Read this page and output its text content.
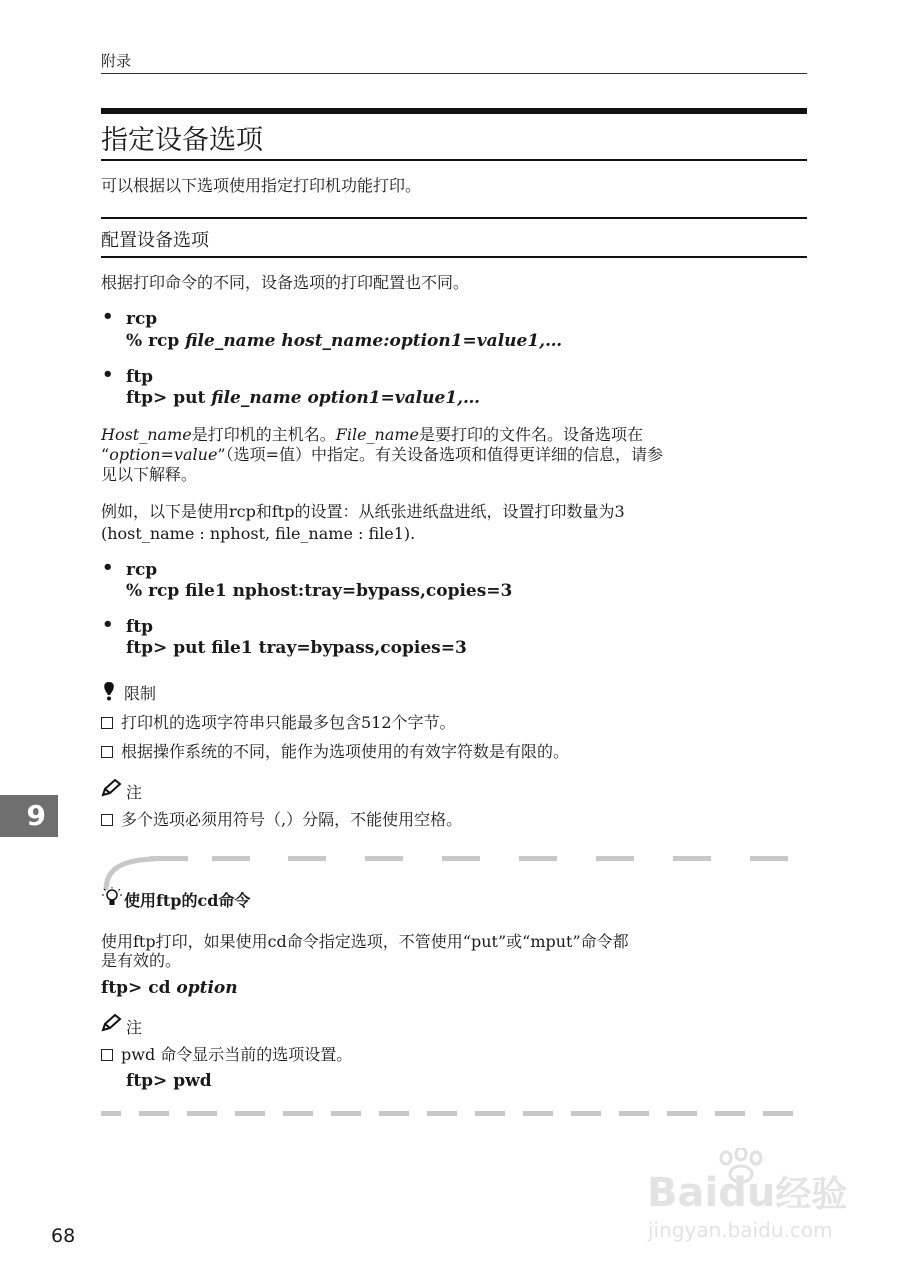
附录
指定设备选项
可以根据以下选项使用指定打印机功能打印。
配置设备选项
根据打印命令的不同，设备选项的打印配置也不同。
• rcp
% rcp file_name host_name:option1=value1,…
• ftp
ftp> put file_name option1=value1,…
Host_name是打印机的主机名。File_name是要打印的文件名。设备选项在
“option=value”（选项=值）中指定。有关设备选项和值得更详细的信息，请参
见以下解释。
例如，以下是使用rcp和ftp的设置：从纸张进纸盘进纸，设置打印数量为3
(host_name : nphost, file_name : file1).
• rcp
% rcp file1 nphost:tray=bypass,copies=3
• ftp
ftp> put file1 tray=bypass,copies=3
限制
打印机的选项字符串只能最多包含512个字节。
根据操作系统的不同，能作为选项使用的有效字符数是有限的。
注
多个选项必须用符号（,）分隔，不能使用空格。
9
使用ftp的cd命令
使用ftp打印，如果使用cd命令指定选项，不管使用“put”或“mput”命令都
是有效的。
ftp> cd option
注
pwd 命令显示当前的选项设置。
ftp> pwd
Baidu经验
jingyan.baidu.com
68
